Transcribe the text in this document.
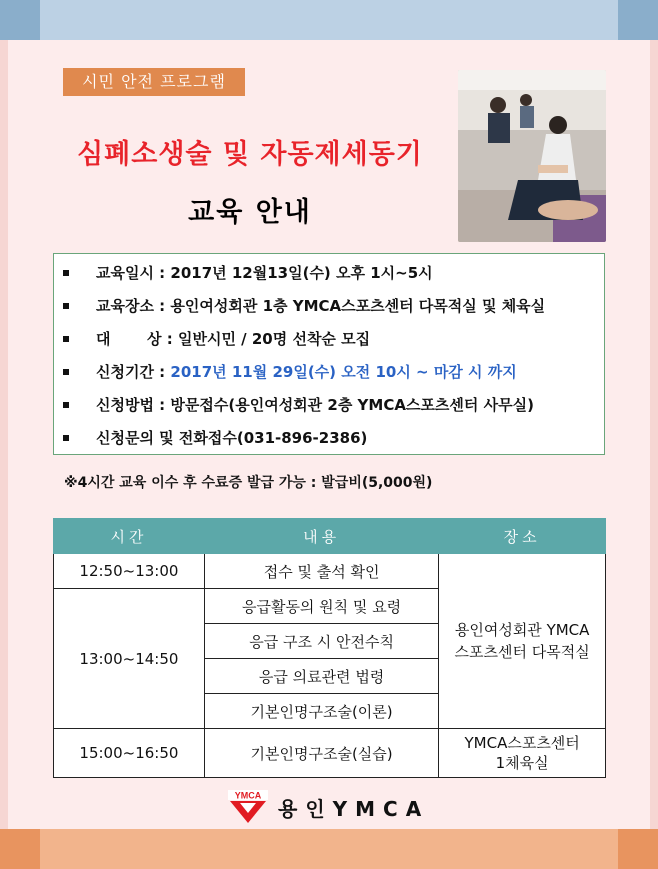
시민 안전 프로그램
심폐소생술 및 자동제세동기
교육 안내
교육일시 : 2017년 12월13일(수) 오후 1시~5시
교육장소 : 용인여성회관 1층 YMCA스포츠센터 다목적실 및 체육실
대       상 : 일반시민 / 20명 선착순 모집
신청기간 : 2017년 11월 29일(수) 오전 10시 ~ 마감 시 까지
신청방법 : 방문접수(용인여성회관 2층 YMCA스포츠센터 사무실)
신청문의 및 전화접수(031-896-2386)
※4시간 교육 이수 후 수료증 발급 가능 : 발급비(5,000원)
시간	내용	장소
12:50~13:00	접수 및 출석 확인	용인여성회관 YMCA
스포츠센터 다목적실
13:00~14:50	응급활동의 원칙 및 요령	
	응급 구조 시 안전수칙	
	응급 의료관련 법령	
	기본인명구조술(이론)	
15:00~16:50	기본인명구조술(실습)	YMCA스포츠센터
1체육실
YMCA
용인YMCA
